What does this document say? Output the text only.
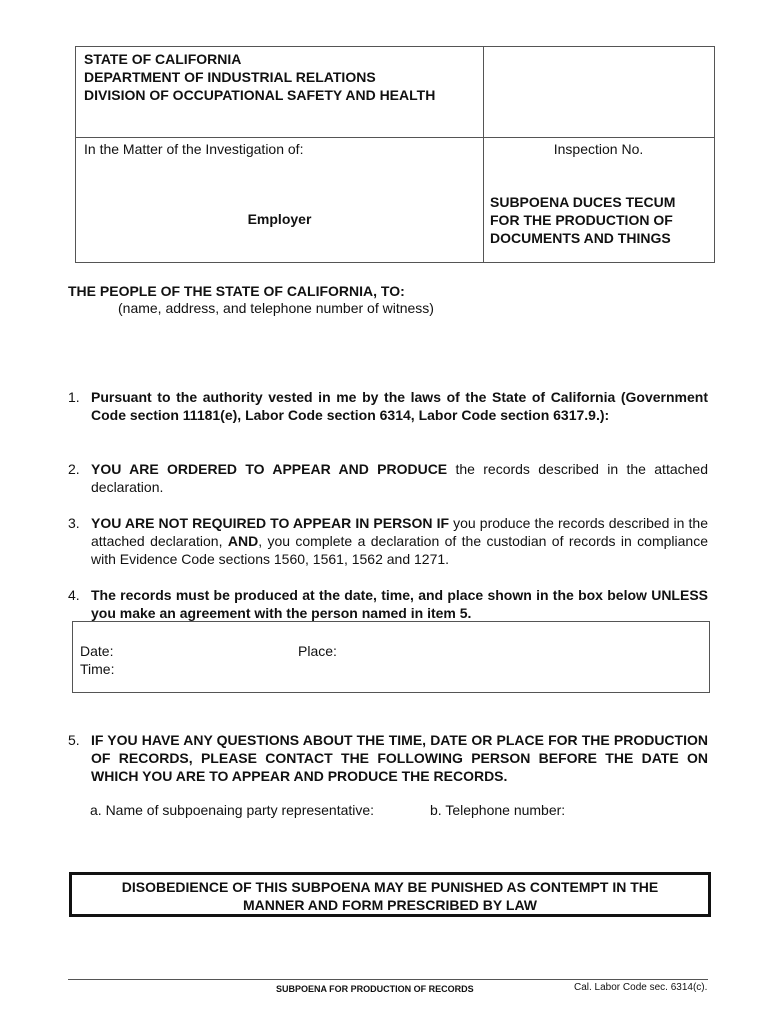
STATE OF CALIFORNIA
DEPARTMENT OF INDUSTRIAL RELATIONS
DIVISION OF OCCUPATIONAL SAFETY AND HEALTH
In the Matter of the Investigation of:
Employer
Inspection No.
SUBPOENA DUCES TECUM
FOR THE PRODUCTION OF
DOCUMENTS AND THINGS
THE PEOPLE OF THE STATE OF CALIFORNIA, TO:
(name, address, and telephone number of witness)
1. Pursuant to the authority vested in me by the laws of the State of California (Government Code section 11181(e), Labor Code section 6314, Labor Code section 6317.9.):
2. YOU ARE ORDERED TO APPEAR AND PRODUCE the records described in the attached declaration.
3. YOU ARE NOT REQUIRED TO APPEAR IN PERSON IF you produce the records described in the attached declaration, AND, you complete a declaration of the custodian of records in compliance with Evidence Code sections 1560, 1561, 1562 and 1271.
4. The records must be produced at the date, time, and place shown in the box below UNLESS you make an agreement with the person named in item 5.
Date:
Time:
Place:
5. IF YOU HAVE ANY QUESTIONS ABOUT THE TIME, DATE OR PLACE FOR THE PRODUCTION OF RECORDS, PLEASE CONTACT THE FOLLOWING PERSON BEFORE THE DATE ON WHICH YOU ARE TO APPEAR AND PRODUCE THE RECORDS.
a. Name of subpoenaing party representative:	b. Telephone number:
DISOBEDIENCE OF THIS SUBPOENA MAY BE PUNISHED AS CONTEMPT IN THE
MANNER AND FORM PRESCRIBED BY LAW
SUBPOENA FOR PRODUCTION OF RECORDS	Cal. Labor Code sec. 6314(c).
